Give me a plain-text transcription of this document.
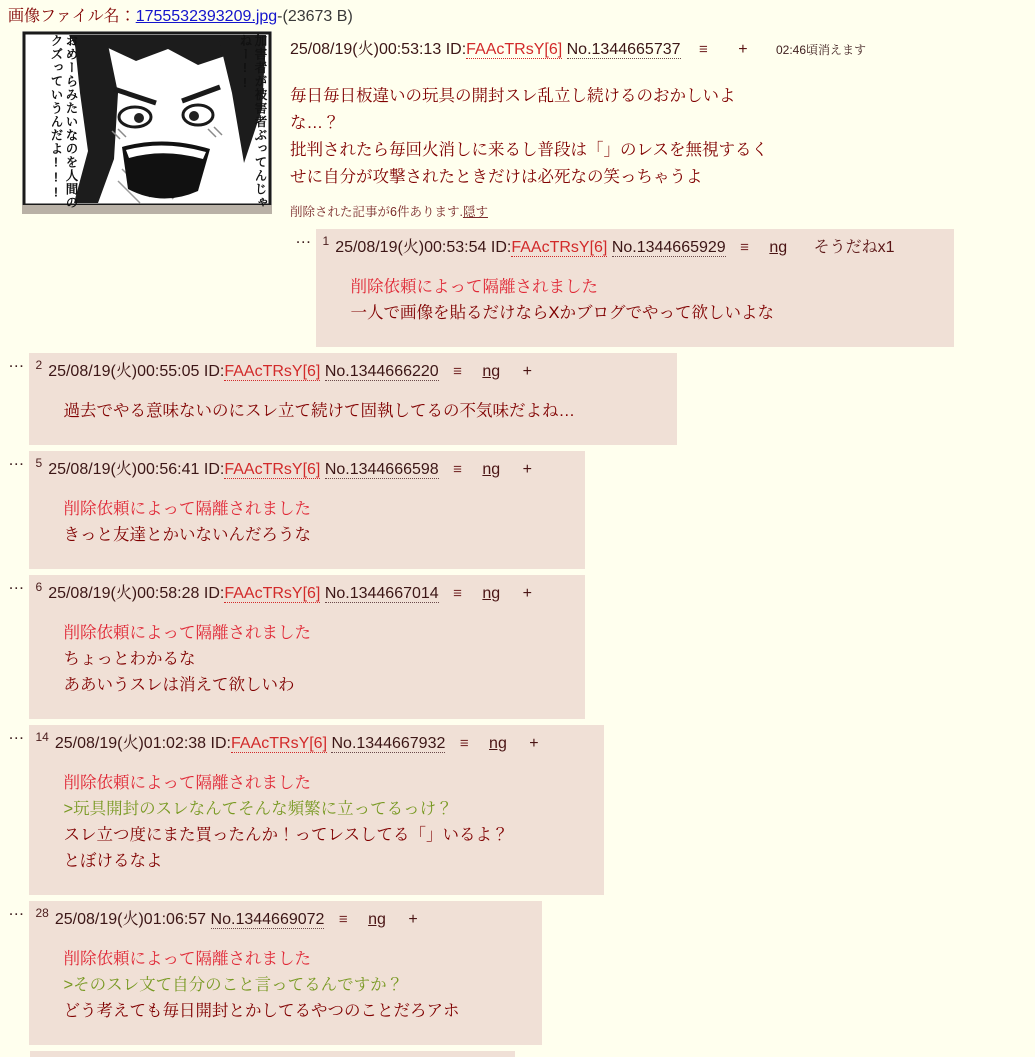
画像ファイル名：1755532393209.jpg-(23673 B)
加害者が被害者ぶってんじゃねー!!
おめーらみたいなのを人間のクズっていうんだよ!!!	25/08/19(火)00:53:13 ID:FAAcTRsY[6] No.1344665737 ≡ + 02:46頃消えます
毎日毎日板違いの玩具の開封スレ乱立し続けるのおかしいよ
な…？
批判されたら毎回火消しに来るし普段は「」のレスを無視するく
せに自分が攻撃されたときだけは必死なの笑っちゃうよ
削除された記事が6件あります.隠す
… $^1$ 25/08/19(火)00:53:54 ID:FAAcTRsY[6] No.1344665929 ≡ ng そうだねx1
削除依頼によって隔離されました
一人で画像を貼るだけならXかブログでやって欲しいよな
… $^2$ 25/08/19(火)00:55:05 ID:FAAcTRsY[6] No.1344666220 ≡ ng +
過去でやる意味ないのにスレ立て続けて固執してるの不気味だよね…
… $^5$ 25/08/19(火)00:56:41 ID:FAAcTRsY[6] No.1344666598 ≡ ng +
削除依頼によって隔離されました
きっと友達とかいないんだろうな
… $^6$ 25/08/19(火)00:58:28 ID:FAAcTRsY[6] No.1344667014 ≡ ng +
削除依頼によって隔離されました
ちょっとわかるな
ああいうスレは消えて欲しいわ
… $^{14}$ 25/08/19(火)01:02:38 ID:FAAcTRsY[6] No.1344667932 ≡ ng +
削除依頼によって隔離されました
>玩具開封のスレなんてそんな頻繁に立ってるっけ？
スレ立つ度にまた買ったんか！ってレスしてる「」いるよ？
とぼけるなよ
… $^{28}$ 25/08/19(火)01:06:57 No.1344669072 ≡ ng +
削除依頼によって隔離されました
>そのスレ文て自分のこと言ってるんですか？
どう考えても毎日開封とかしてるやつのことだろアホ
